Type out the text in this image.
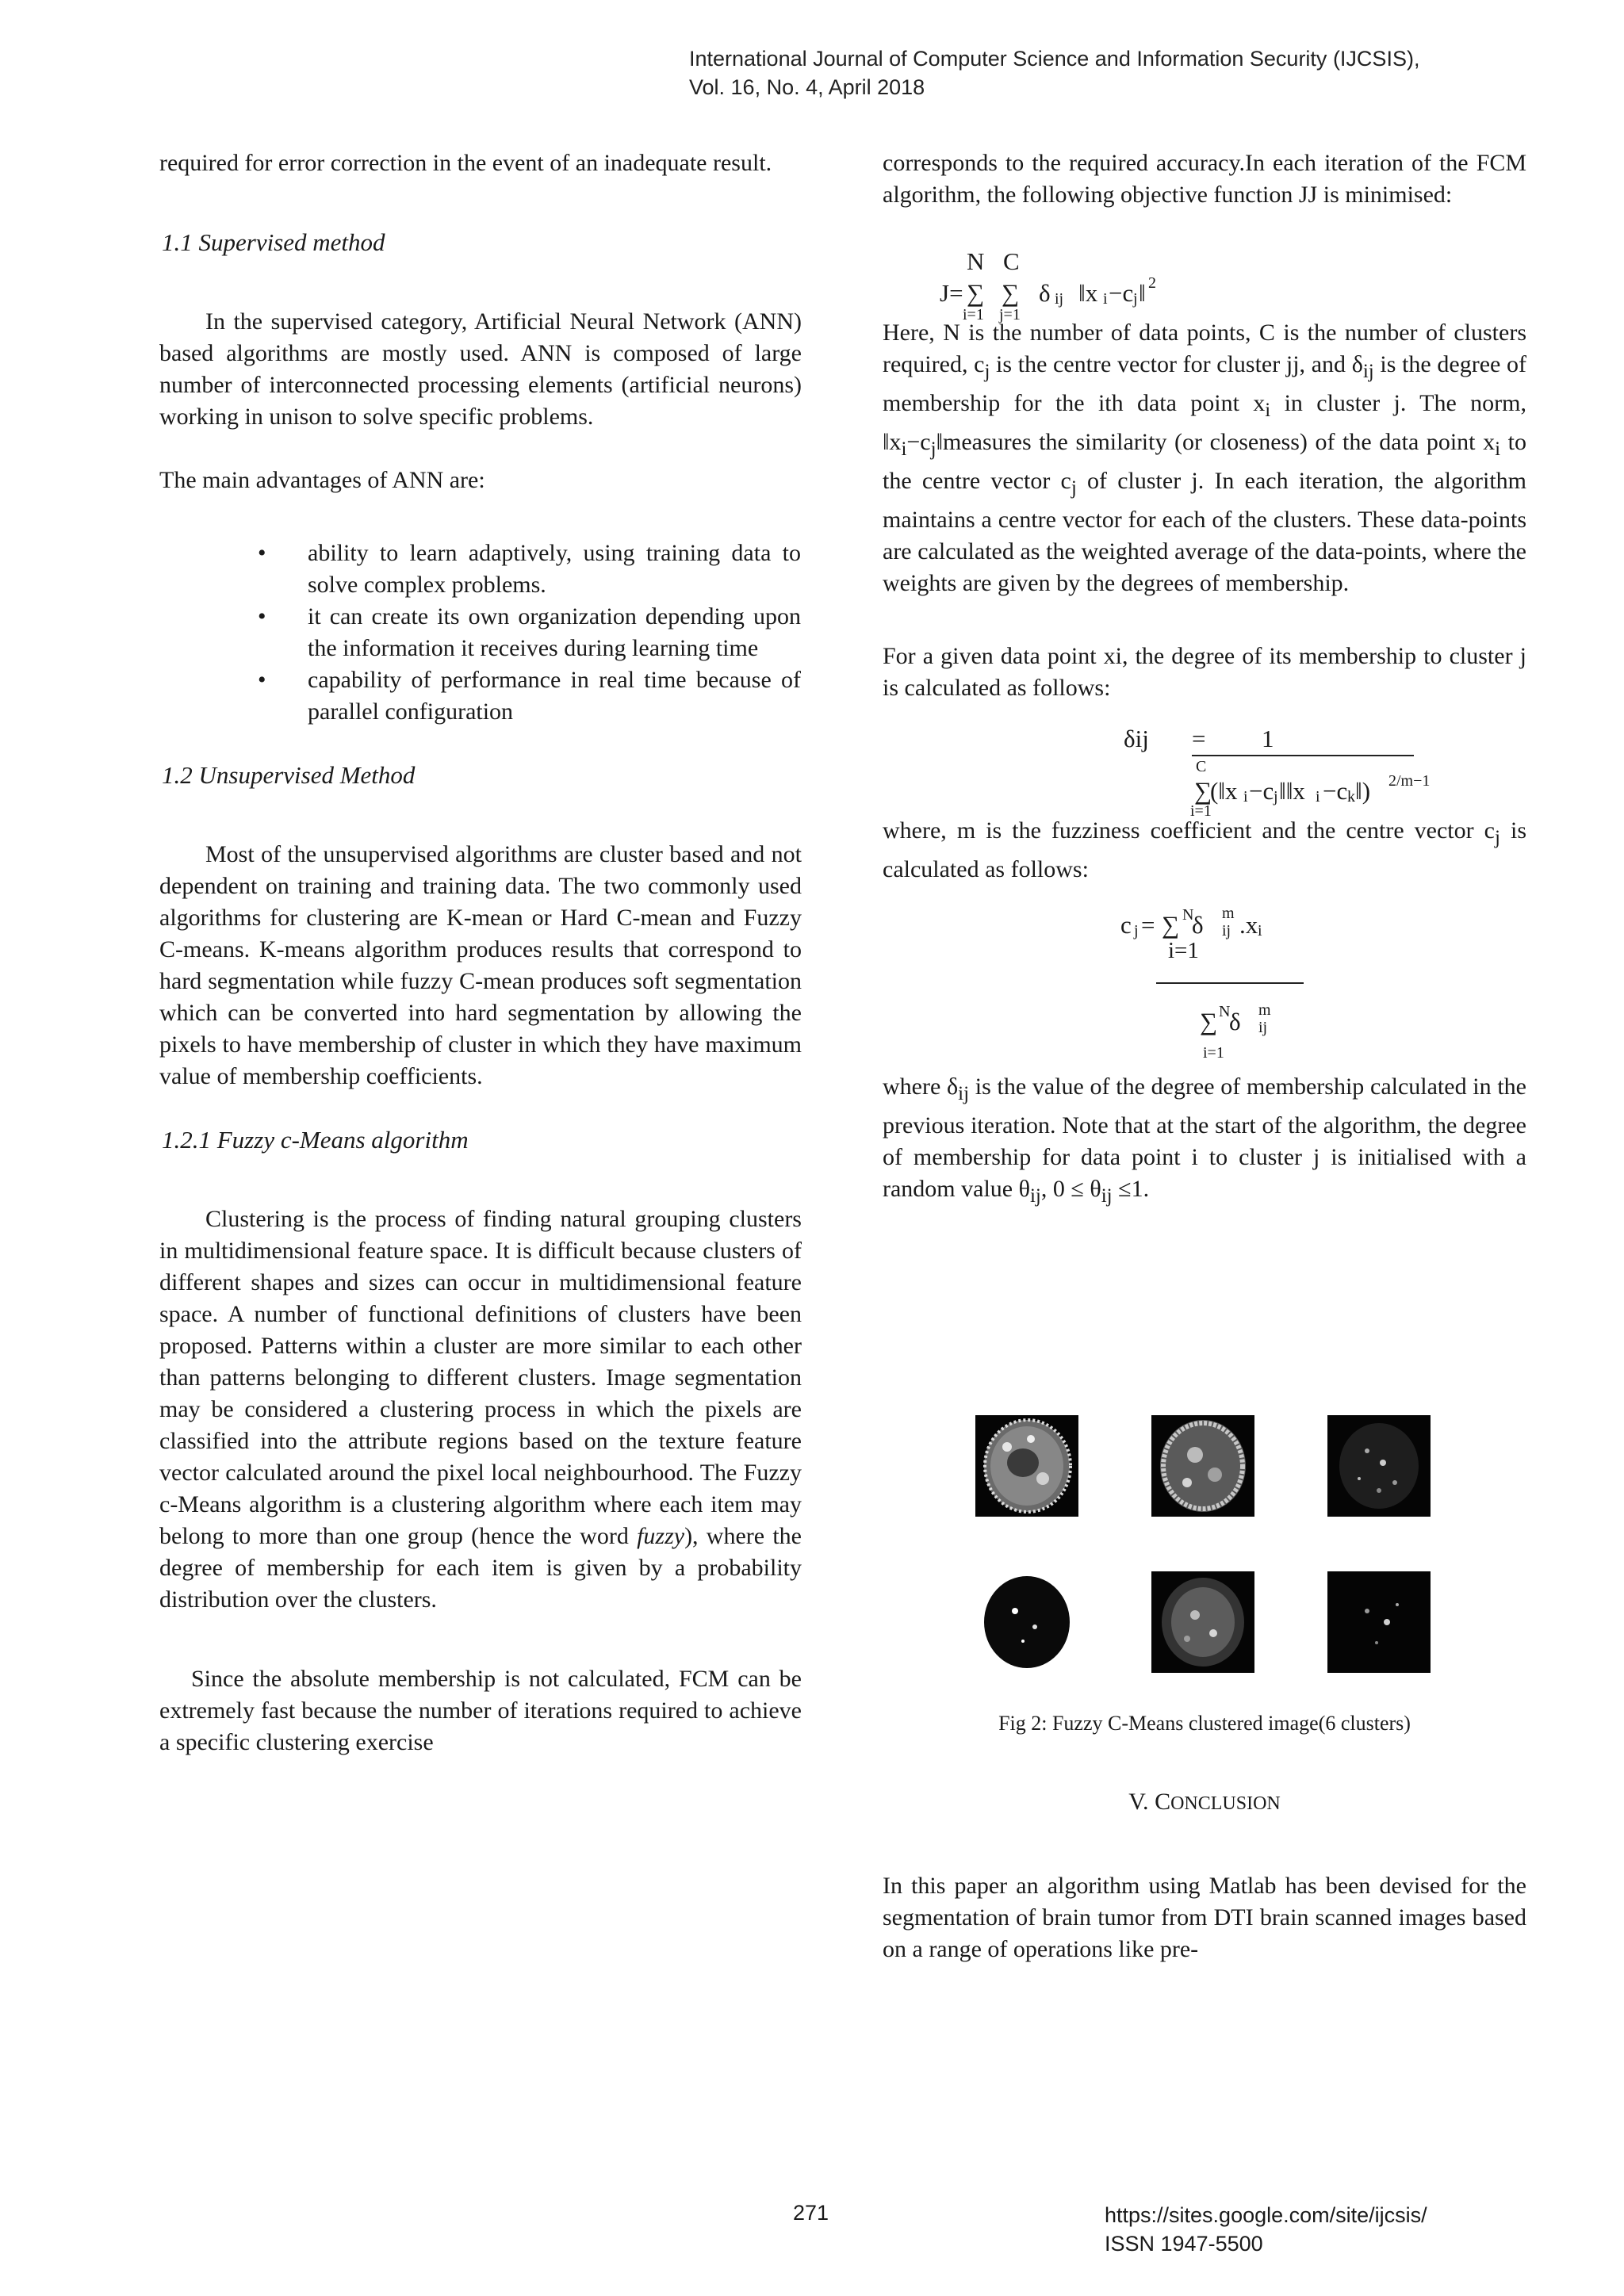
International Journal of Computer Science and Information Security (IJCSIS),
Vol. 16, No. 4, April 2018

required for error correction in the event of an inadequate result.

1.1 Supervised method

In the supervised category, Artificial Neural Network (ANN) based algorithms are mostly used. ANN is composed of large number of interconnected processing elements (artificial neurons) working in unison to solve specific problems.

The main advantages of ANN are:

• ability to learn adaptively, using training data to solve complex problems.
• it can create its own organization depending upon the information it receives during learning time
• capability of performance in real time because of parallel configuration
1.2 Unsupervised Method

Most of the unsupervised algorithms are cluster based and not dependent on training and training data. The two commonly used algorithms for clustering are K-mean or Hard C-mean and Fuzzy C-means. K-means algorithm produces results that correspond to hard segmentation while fuzzy C-mean produces soft segmentation which can be converted into hard segmentation by allowing the pixels to have membership of cluster in which they have maximum value of membership coefficients.

1.2.1 Fuzzy c-Means algorithm

Clustering is the process of finding natural grouping clusters in multidimensional feature space. It is difficult because clusters of different shapes and sizes can occur in multidimensional feature space. A number of functional definitions of clusters have been proposed. Patterns within a cluster are more similar to each other than patterns belonging to different clusters. Image segmentation may be considered a clustering process in which the pixels are classified into the attribute regions based on the texture feature vector calculated around the pixel local neighbourhood. The Fuzzy c-Means algorithm is a clustering algorithm where each item may belong to more than one group (hence the word fuzzy), where the degree of membership for each item is given by a probability distribution over the clusters.

Since the absolute membership is not calculated, FCM can be extremely fast because the number of iterations required to achieve a specific clustering exercise

corresponds to the required accuracy.In each iteration of the FCM algorithm, the following objective function JJ is minimised:

N C
J= ∑ ∑
i=1 j=1
δ ij ‖x i −c j ‖ 2

Here, N is the number of data points, C is the number of clusters required, $c_j$ is the centre vector for cluster jj, and $\delta_{ij}$ is the degree of membership for the ith data point $x_i$ in cluster j. The norm, $‖x_i-c_j‖measures$ the similarity (or closeness) of the data point $x_i$ to the centre vector $c_j$ of cluster j. In each iteration, the algorithm maintains a centre vector for each of the clusters. These data-points are calculated as the weighted average of the data-points, where the weights are given by the degrees of membership.

For a given data point xi, the degree of its membership to cluster j is calculated as follows:

δij = 1
C
∑
(‖x i −c j ‖‖x i −c k ‖) 2/m−1
i=1

where, m is the fuzziness coefficient and the centre vector $c_j$ is calculated as follows:

c j = ∑ N
δ m
ij .x i
i=1
∑ N
δ m
ij
i=1

where $\delta_{ij}$ is the value of the degree of membership calculated in the previous iteration. Note that at the start of the algorithm, the degree of membership for data point i to cluster j is initialised with a random value $\theta_{ij}$, $0 \le \theta_{ij} \le 1$.

In this paper an algorithm using Matlab has been devised for the segmentation of brain tumor from DTI brain scanned images based on a range of operations like pre-

Fig 2: Fuzzy C-Means clustered image(6 clusters)
V. CONCLUSION
271	https://sites.google.com/site/ijcsis/
ISSN 1947-5500
